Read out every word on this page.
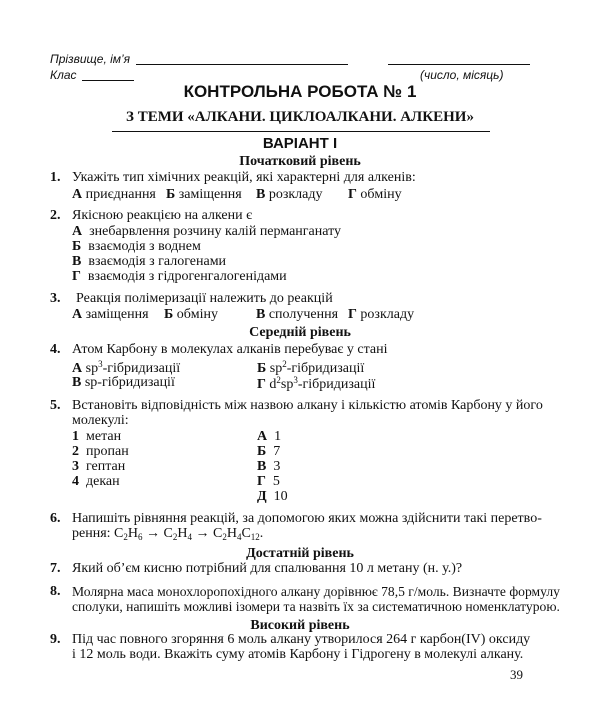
Прізвище, ім’я
Клас	(число, місяць)
КОНТРОЛЬНА РОБОТА № 1
З ТЕМИ «АЛКАНИ. ЦИКЛОАЛКАНИ. АЛКЕНИ»
ВАРІАНТ І
Початковий рівень
1. Укажіть тип хімічних реакцій, які характерні для алкенів:
А приєднання Б заміщення В розкладу Г обміну
2. Якісною реакцією на алкени є
А знебарвлення розчину калій перманганату
Б взаємодія з воднем
В взаємодія з галогенами
Г взаємодія з гідрогенгалогенідами
3. Реакція полімеризації належить до реакцій
А заміщення Б обміну	В сполучення Г розкладу
Середній рівень
4. Атом Карбону в молекулах алканів перебуває у стані
А $sp^3$-гібридизації	Б $sp^2$-гібридизації
В sp-гібридизації	Г $d^2sp^3$-гібридизації
5. Встановіть відповідність між назвою алкану і кількістю атомів Карбону у його
молекулі:
1 метан
2 пропан
3 гептан
4 декан
А 1
Б 7
В 3
Г 5
Д 10
6. Напишіть рівняння реакцій, за допомогою яких можна здійснити такі перетво-
рення: $C_2H_6 \to C_2H_4 \to C_2H_4C_{12}$.
Достатній рівень
7. Який об’єм кисню потрібний для спалювання 10 л метану (н. у.)?
8. Молярна маса монохлоропохідного алкану дорівнює 78,5 г/моль. Визначте формулу
сполуки, напишіть можливі ізомери та назвіть їх за систематичною номенклатурою.
Високий рівень
9. Під час повного згоряння 6 моль алкану утворилося 264 г карбон(IV) оксиду
і 12 моль води. Вкажіть суму атомів Карбону і Гідрогену в молекулі алкану.
39
